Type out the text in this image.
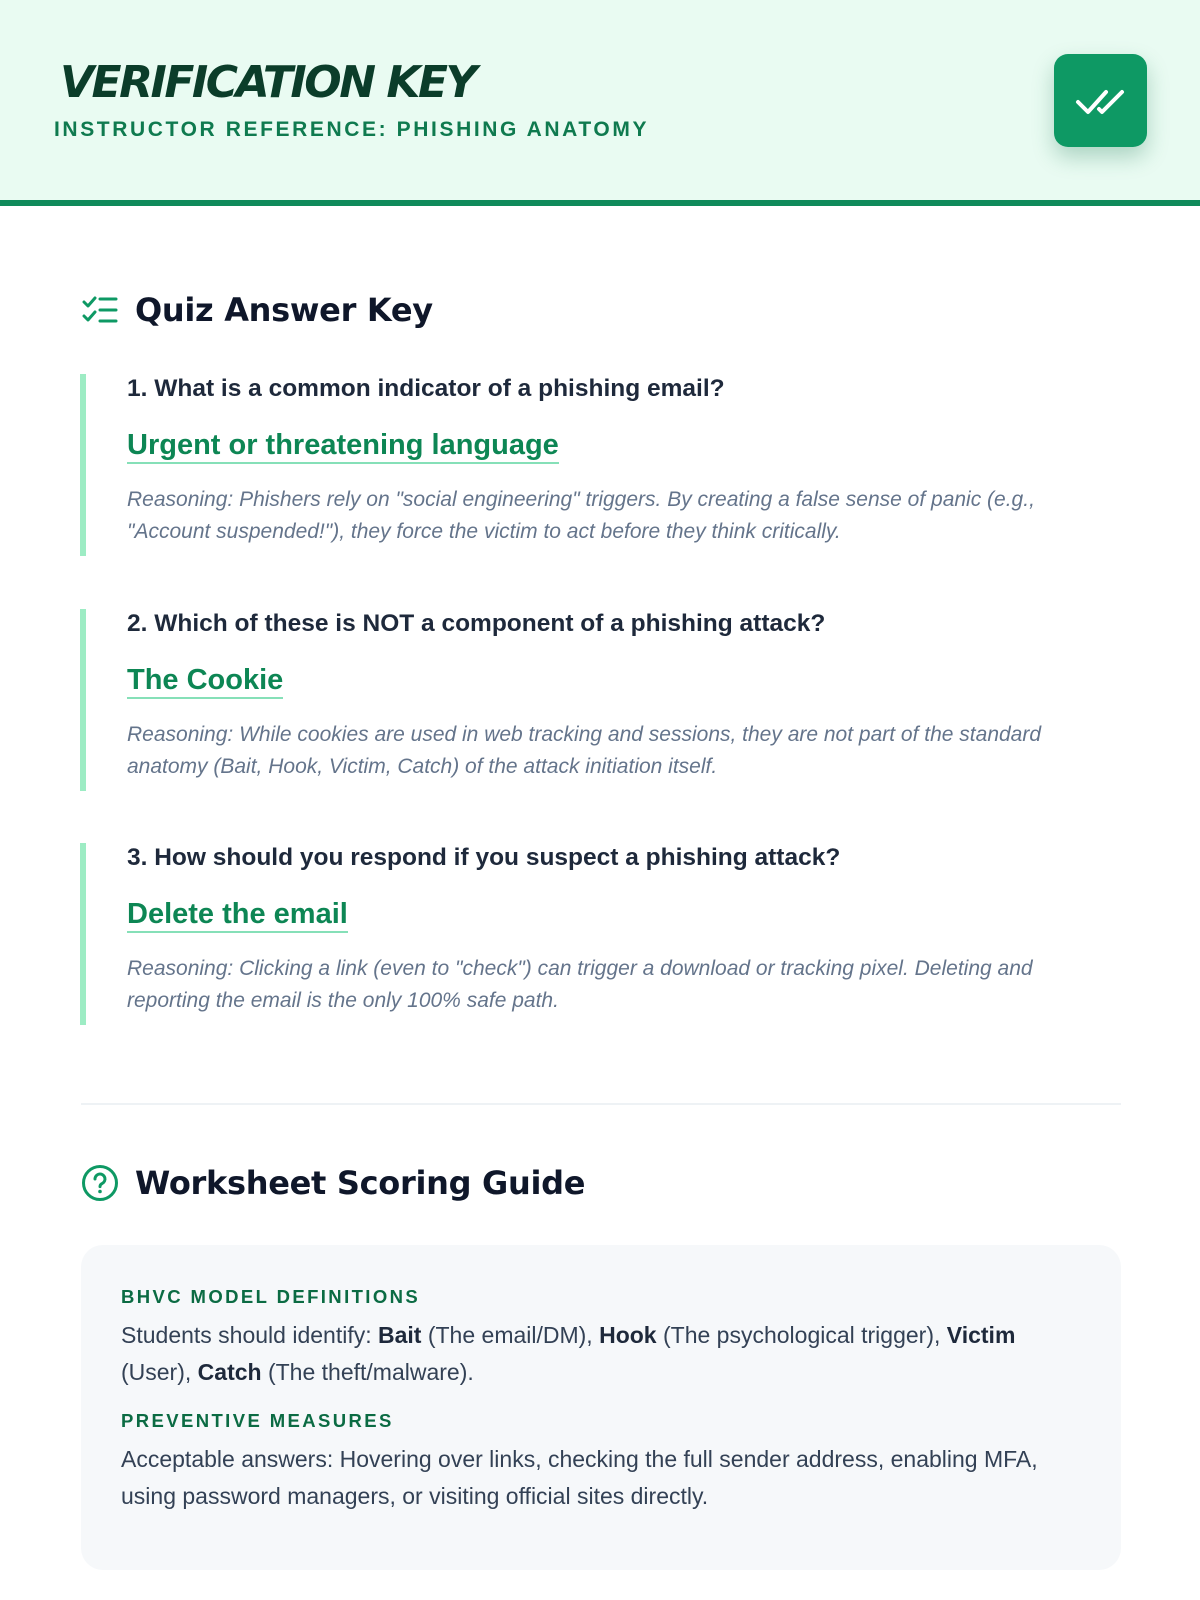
VERIFICATION KEY
INSTRUCTOR REFERENCE: PHISHING ANATOMY
Quiz Answer Key
1. What is a common indicator of a phishing email?
Urgent or threatening language
Reasoning: Phishers rely on "social engineering" triggers. By creating a false sense of panic (e.g., "Account suspended!"), they force the victim to act before they think critically.
2. Which of these is NOT a component of a phishing attack?
The Cookie
Reasoning: While cookies are used in web tracking and sessions, they are not part of the standard anatomy (Bait, Hook, Victim, Catch) of the attack initiation itself.
3. How should you respond if you suspect a phishing attack?
Delete the email
Reasoning: Clicking a link (even to "check") can trigger a download or tracking pixel. Deleting and reporting the email is the only 100% safe path.
Worksheet Scoring Guide
BHVC MODEL DEFINITIONS
Students should identify: Bait (The email/DM), Hook (The psychological trigger), Victim (User), Catch (The theft/malware).
PREVENTIVE MEASURES
Acceptable answers: Hovering over links, checking the full sender address, enabling MFA, using password managers, or visiting official sites directly.
